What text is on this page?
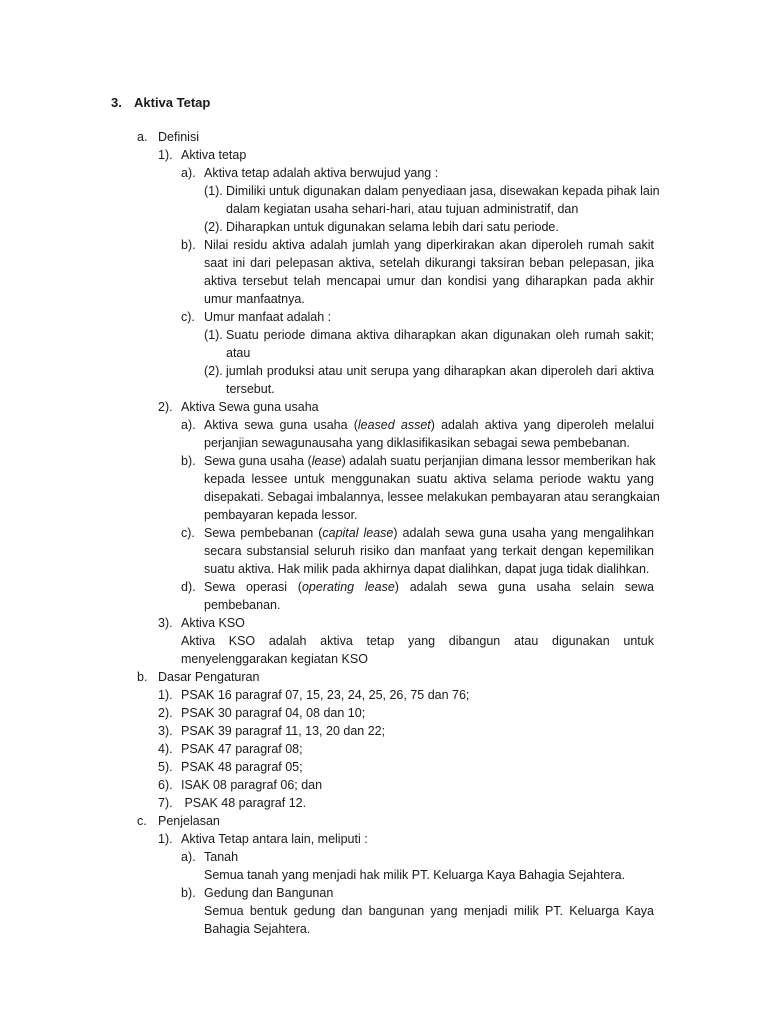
3. Aktiva Tetap
a. Definisi
1). Aktiva tetap
a). Aktiva tetap adalah aktiva berwujud yang :
(1). Dimiliki untuk digunakan dalam penyediaan jasa, disewakan kepada pihak lain
dalam kegiatan usaha sehari-hari, atau tujuan administratif, dan
(2). Diharapkan untuk digunakan selama lebih dari satu periode.
b). Nilai residu aktiva adalah jumlah yang diperkirakan akan diperoleh rumah sakit
saat ini dari pelepasan aktiva, setelah dikurangi taksiran beban pelepasan, jika
aktiva tersebut telah mencapai umur dan kondisi yang diharapkan pada akhir
umur manfaatnya.
c). Umur manfaat adalah :
(1). Suatu periode dimana aktiva diharapkan akan digunakan oleh rumah sakit;
atau
(2). jumlah produksi atau unit serupa yang diharapkan akan diperoleh dari aktiva
tersebut.
2). Aktiva Sewa guna usaha
a). Aktiva sewa guna usaha (leased asset) adalah aktiva yang diperoleh melalui
perjanjian sewagunausaha yang diklasifikasikan sebagai sewa pembebanan.
b). Sewa guna usaha (lease) adalah suatu perjanjian dimana lessor memberikan hak
kepada lessee untuk menggunakan suatu aktiva selama periode waktu yang
disepakati. Sebagai imbalannya, lessee melakukan pembayaran atau serangkaian
pembayaran kepada lessor.
c). Sewa pembebanan (capital lease) adalah sewa guna usaha yang mengalihkan
secara substansial seluruh risiko dan manfaat yang terkait dengan kepemilikan
suatu aktiva. Hak milik pada akhirnya dapat dialihkan, dapat juga tidak dialihkan.
d). Sewa operasi (operating lease) adalah sewa guna usaha selain sewa
pembebanan.
3). Aktiva KSO
Aktiva KSO adalah aktiva tetap yang dibangun atau digunakan untuk
menyelenggarakan kegiatan KSO
b. Dasar Pengaturan
1). PSAK 16 paragraf 07, 15, 23, 24, 25, 26, 75 dan 76;
2). PSAK 30 paragraf 04, 08 dan 10;
3). PSAK 39 paragraf 11, 13, 20 dan 22;
4). PSAK 47 paragraf 08;
5). PSAK 48 paragraf 05;
6). ISAK 08 paragraf 06; dan
7). PSAK 48 paragraf 12.
c. Penjelasan
1). Aktiva Tetap antara lain, meliputi :
a). Tanah
Semua tanah yang menjadi hak milik PT. Keluarga Kaya Bahagia Sejahtera.
b). Gedung dan Bangunan
Semua bentuk gedung dan bangunan yang menjadi milik PT. Keluarga Kaya
Bahagia Sejahtera.
